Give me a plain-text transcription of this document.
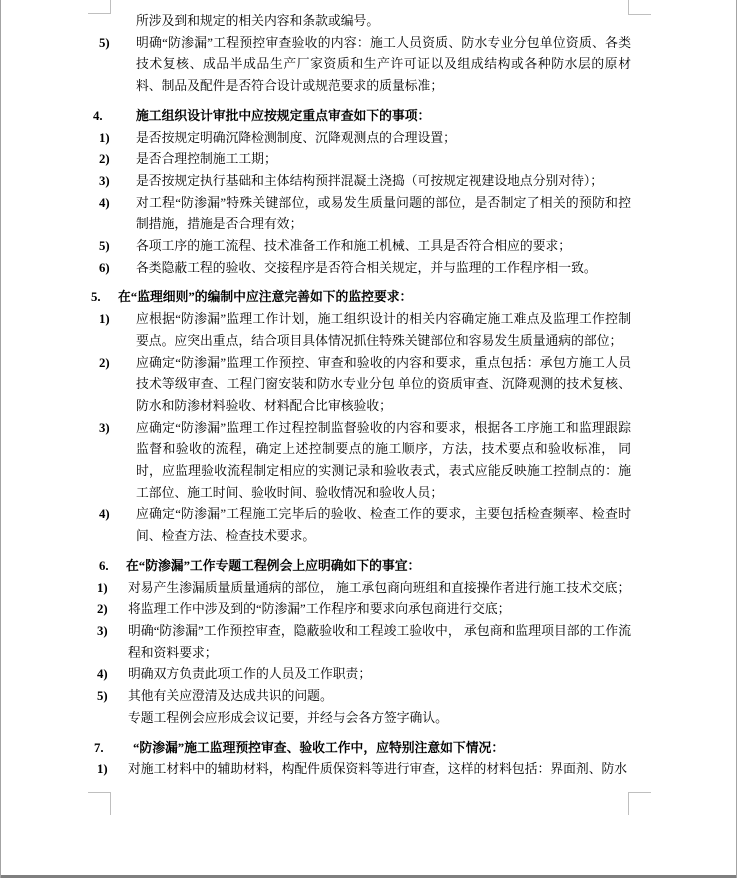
所涉及到和规定的相关内容和条款或编号。

5)	明确“防渗漏”工程预控审查验收的内容：施工人员资质、防水专业分包单位资质、各类技术复核、成品半成品生产厂家资质和生产许可证以及组成结构或各种防水层的原材料、制品及配件是否符合设计或规范要求的质量标准；
4.	施工组织设计审批中应按规定重点审查如下的事项：
1)	是否按规定明确沉降检测制度、沉降观测点的合理设置；
2)	是否合理控制施工工期；
3)	是否按规定执行基础和主体结构预拌混凝土浇捣（可按规定视建设地点分别对待）；
4)	对工程“防渗漏”特殊关键部位，或易发生质量问题的部位，是否制定了相关的预防和控制措施，措施是否合理有效；
5)	各项工序的施工流程、技术准备工作和施工机械、工具是否符合相应的要求；
6)	各类隐蔽工程的验收、交接程序是否符合相关规定，并与监理的工作程序相一致。
5.	在“监理细则”的编制中应注意完善如下的监控要求：
1)	应根据“防渗漏”监理工作计划，施工组织设计的相关内容确定施工难点及监理工作控制要点。应突出重点，结合项目具体情况抓住特殊关键部位和容易发生质量通病的部位；
2)	应确定“防渗漏”监理工作预控、审查和验收的内容和要求，重点包括：承包方施工人员技术等级审查、工程门窗安装和防水专业分包 单位的资质审查、沉降观测的技术复核、防水和防渗材料验收、材料配合比审核验收；
3)	应确定“防渗漏”监理工作过程控制监督验收的内容和要求，根据各工序施工和监理跟踪监督和验收的流程，确定上述控制要点的施工顺序，方法，技术要点和验收标准， 同时，应监理验收流程制定相应的实测记录和验收表式，表式应能反映施工控制点的：施工部位、施工时间、验收时间、验收情况和验收人员；
4)	应确定“防渗漏”工程施工完毕后的验收、检查工作的要求，主要包括检查频率、检查时间、检查方法、检查技术要求。
6.	在“防渗漏”工作专题工程例会上应明确如下的事宜：
1)	对易产生渗漏质量质量通病的部位， 施工承包商向班组和直接操作者进行施工技术交底；
2)	将监理工作中涉及到的“防渗漏”工作程序和要求向承包商进行交底；
3)	明确“防渗漏”工作预控审查，隐蔽验收和工程竣工验收中， 承包商和监理项目部的工作流程和资料要求；
4)	明确双方负责此项工作的人员及工作职责；
5)	其他有关应澄清及达成共识的问题。

专题工程例会应形成会议记要，并经与会各方签字确认。

7.	“防渗漏”施工监理预控审查、验收工作中，应特别注意如下情况：
1)	对施工材料中的辅助材料，构配件质保资料等进行审查，这样的材料包括：界面剂、防水
